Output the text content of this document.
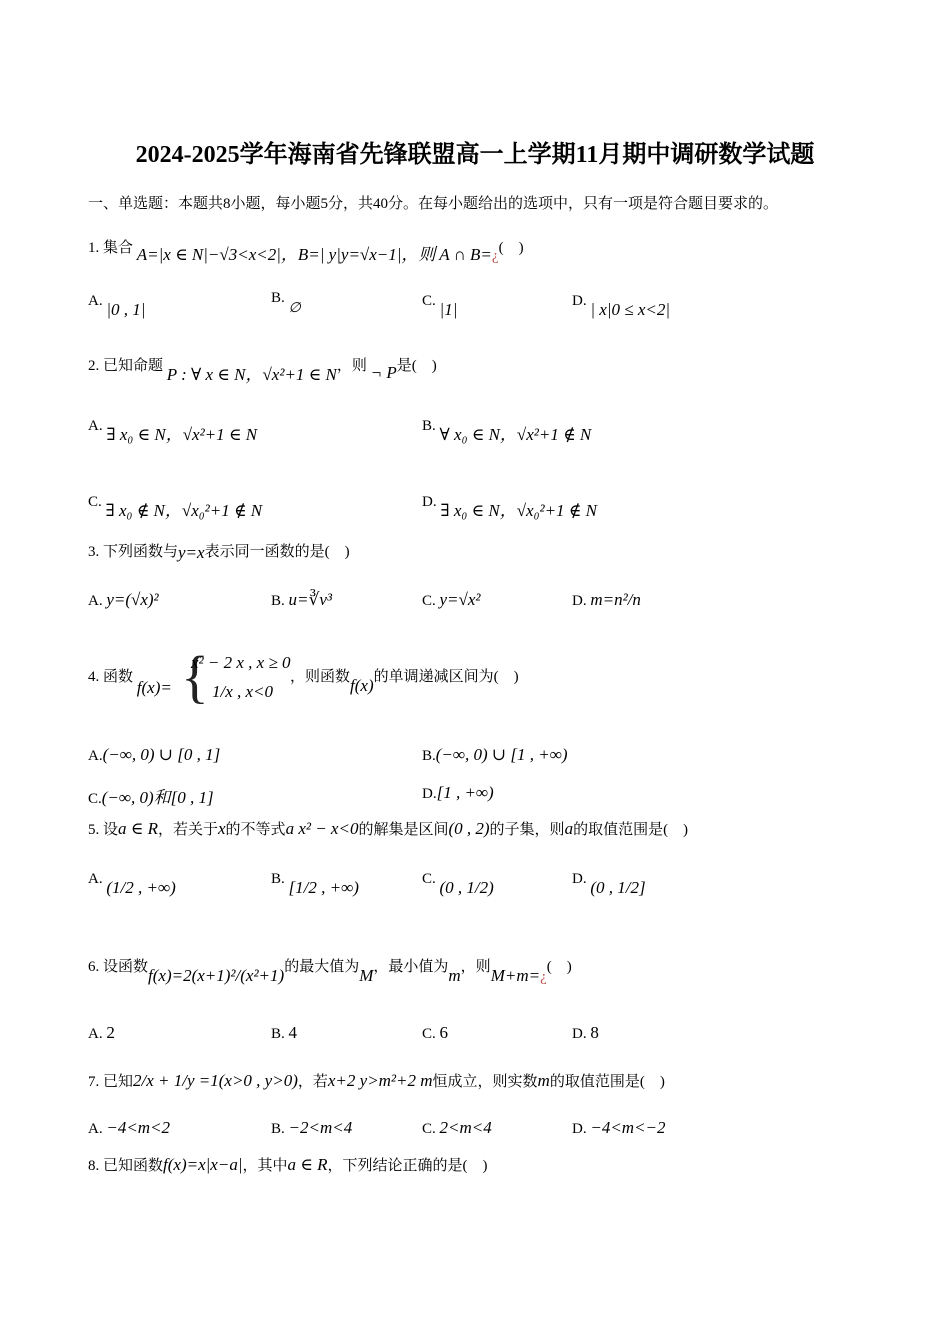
2024-2025学年海南省先锋联盟高一上学期11月期中调研数学试题
一、单选题：本题共8小题，每小题5分，共40分。在每小题给出的选项中，只有一项是符合题目要求的。
1. 集合 A=|x ∈ N|−√3<x<2|，B=| y|y=√x−1|，则 A ∩ B=¿(　)
A. |0 , 1|
B. ∅	C. |1|	D. | x|0 ≤ x<2|
2. 已知命题 P : ∀ x ∈ N，√x²+1 ∈ N，则 ¬ P是(　)
A. ∃ x₀ ∈ N，√x²+1 ∈ N	B. ∀ x₀ ∈ N，√x²+1 ∉ N
C. ∃ x₀ ∉ N，√x₀²+1 ∉ N	D. ∃ x₀ ∈ N，√x₀²+1 ∉ N
3. 下列函数与y=x表示同一函数的是(　)
A. y=(√x)²	B. u=∛v³	C. y=√x²	D. m=n²/n
4. 函数 f(x)= {
x² − 2 x , x ≥ 0
1/x , x<0
，则函数f(x)的单调递减区间为(　)
A.(−∞, 0) ∪ [0 , 1]	B.(−∞, 0) ∪ [1 , +∞)
C.(−∞, 0)和[0 , 1]	D.[1 , +∞)
5. 设a ∈ R，若关于x的不等式a x² − x<0的解集是区间(0 , 2)的子集，则a的取值范围是(　)
A. (1/2 , +∞)	B. [1/2 , +∞)	C. (0 , 1/2)	D. (0 , 1/2]
6. 设函数f(x)=2(x+1)²/(x²+1)的最大值为M，最小值为m，则M+m=¿(　)
A. 2	B. 4	C. 6	D. 8
7. 已知2/x + 1/y =1(x>0 , y>0)，若x+2 y>m²+2 m恒成立，则实数m的取值范围是(　)
A. −4<m<2	B. −2<m<4	C. 2<m<4	D. −4<m<−2
8. 已知函数f(x)=x|x−a|，其中a ∈ R，下列结论正确的是(　)
